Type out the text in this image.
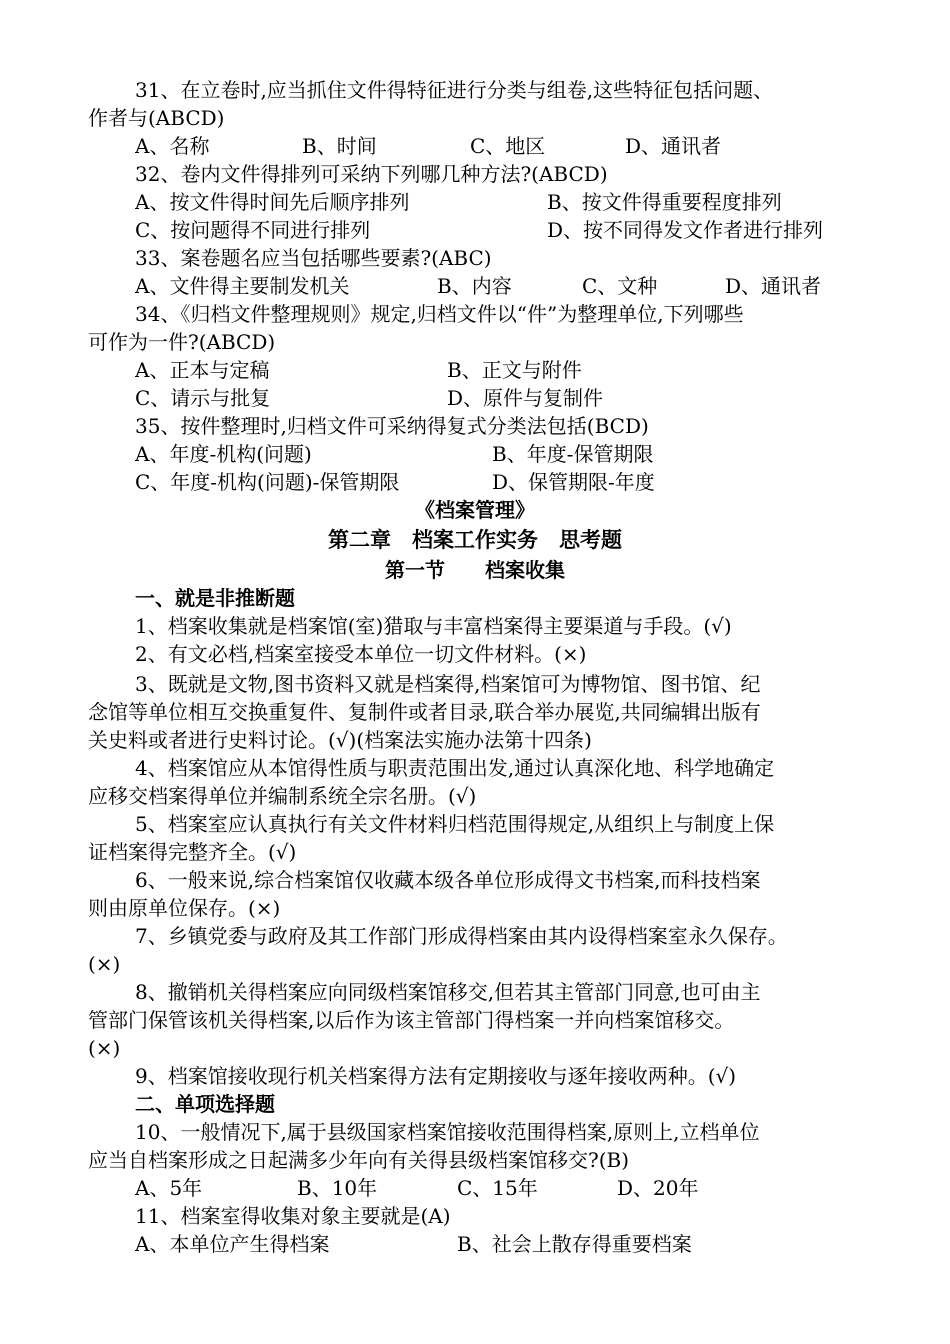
31、在立卷时,应当抓住文件得特征进行分类与组卷,这些特征包括问题、
作者与(ABCD)
A、名称	B、时间	C、地区	D、通讯者
32、卷内文件得排列可采纳下列哪几种方法?(ABCD)
A、按文件得时间先后顺序排列	B、按文件得重要程度排列
C、按问题得不同进行排列	D、按不同得发文作者进行排列
33、案卷题名应当包括哪些要素?(ABC)
A、文件得主要制发机关	B、内容	C、文种	D、通讯者
34、《归档文件整理规则》规定,归档文件以“件”为整理单位,下列哪些
可作为一件?(ABCD)
A、正本与定稿	B、正文与附件
C、请示与批复	D、原件与复制件
35、按件整理时,归档文件可采纳得复式分类法包括(BCD)
A、年度-机构(问题)	B、年度-保管期限
C、年度-机构(问题)-保管期限	D、保管期限-年度
《档案管理》
第二章　档案工作实务　思考题
第一节　　档案收集
一、就是非推断题
1、档案收集就是档案馆(室)猎取与丰富档案得主要渠道与手段。(√)
2、有文必档,档案室接受本单位一切文件材料。(×)
3、既就是文物,图书资料又就是档案得,档案馆可为博物馆、图书馆、纪
念馆等单位相互交换重复件、复制件或者目录,联合举办展览,共同编辑出版有
关史料或者进行史料讨论。(√)(档案法实施办法第十四条)
4、档案馆应从本馆得性质与职责范围出发,通过认真深化地、科学地确定
应移交档案得单位并编制系统全宗名册。(√)
5、档案室应认真执行有关文件材料归档范围得规定,从组织上与制度上保
证档案得完整齐全。(√)
6、一般来说,综合档案馆仅收藏本级各单位形成得文书档案,而科技档案
则由原单位保存。(×)
7、乡镇党委与政府及其工作部门形成得档案由其内设得档案室永久保存。
(×)
8、撤销机关得档案应向同级档案馆移交,但若其主管部门同意,也可由主
管部门保管该机关得档案,以后作为该主管部门得档案一并向档案馆移交。
(×)
9、档案馆接收现行机关档案得方法有定期接收与逐年接收两种。(√)
二、单项选择题
10、一般情况下,属于县级国家档案馆接收范围得档案,原则上,立档单位
应当自档案形成之日起满多少年向有关得县级档案馆移交?(B)
A、5年	B、10年	C、15年	D、20年
11、档案室得收集对象主要就是(A)
A、本单位产生得档案	B、社会上散存得重要档案
